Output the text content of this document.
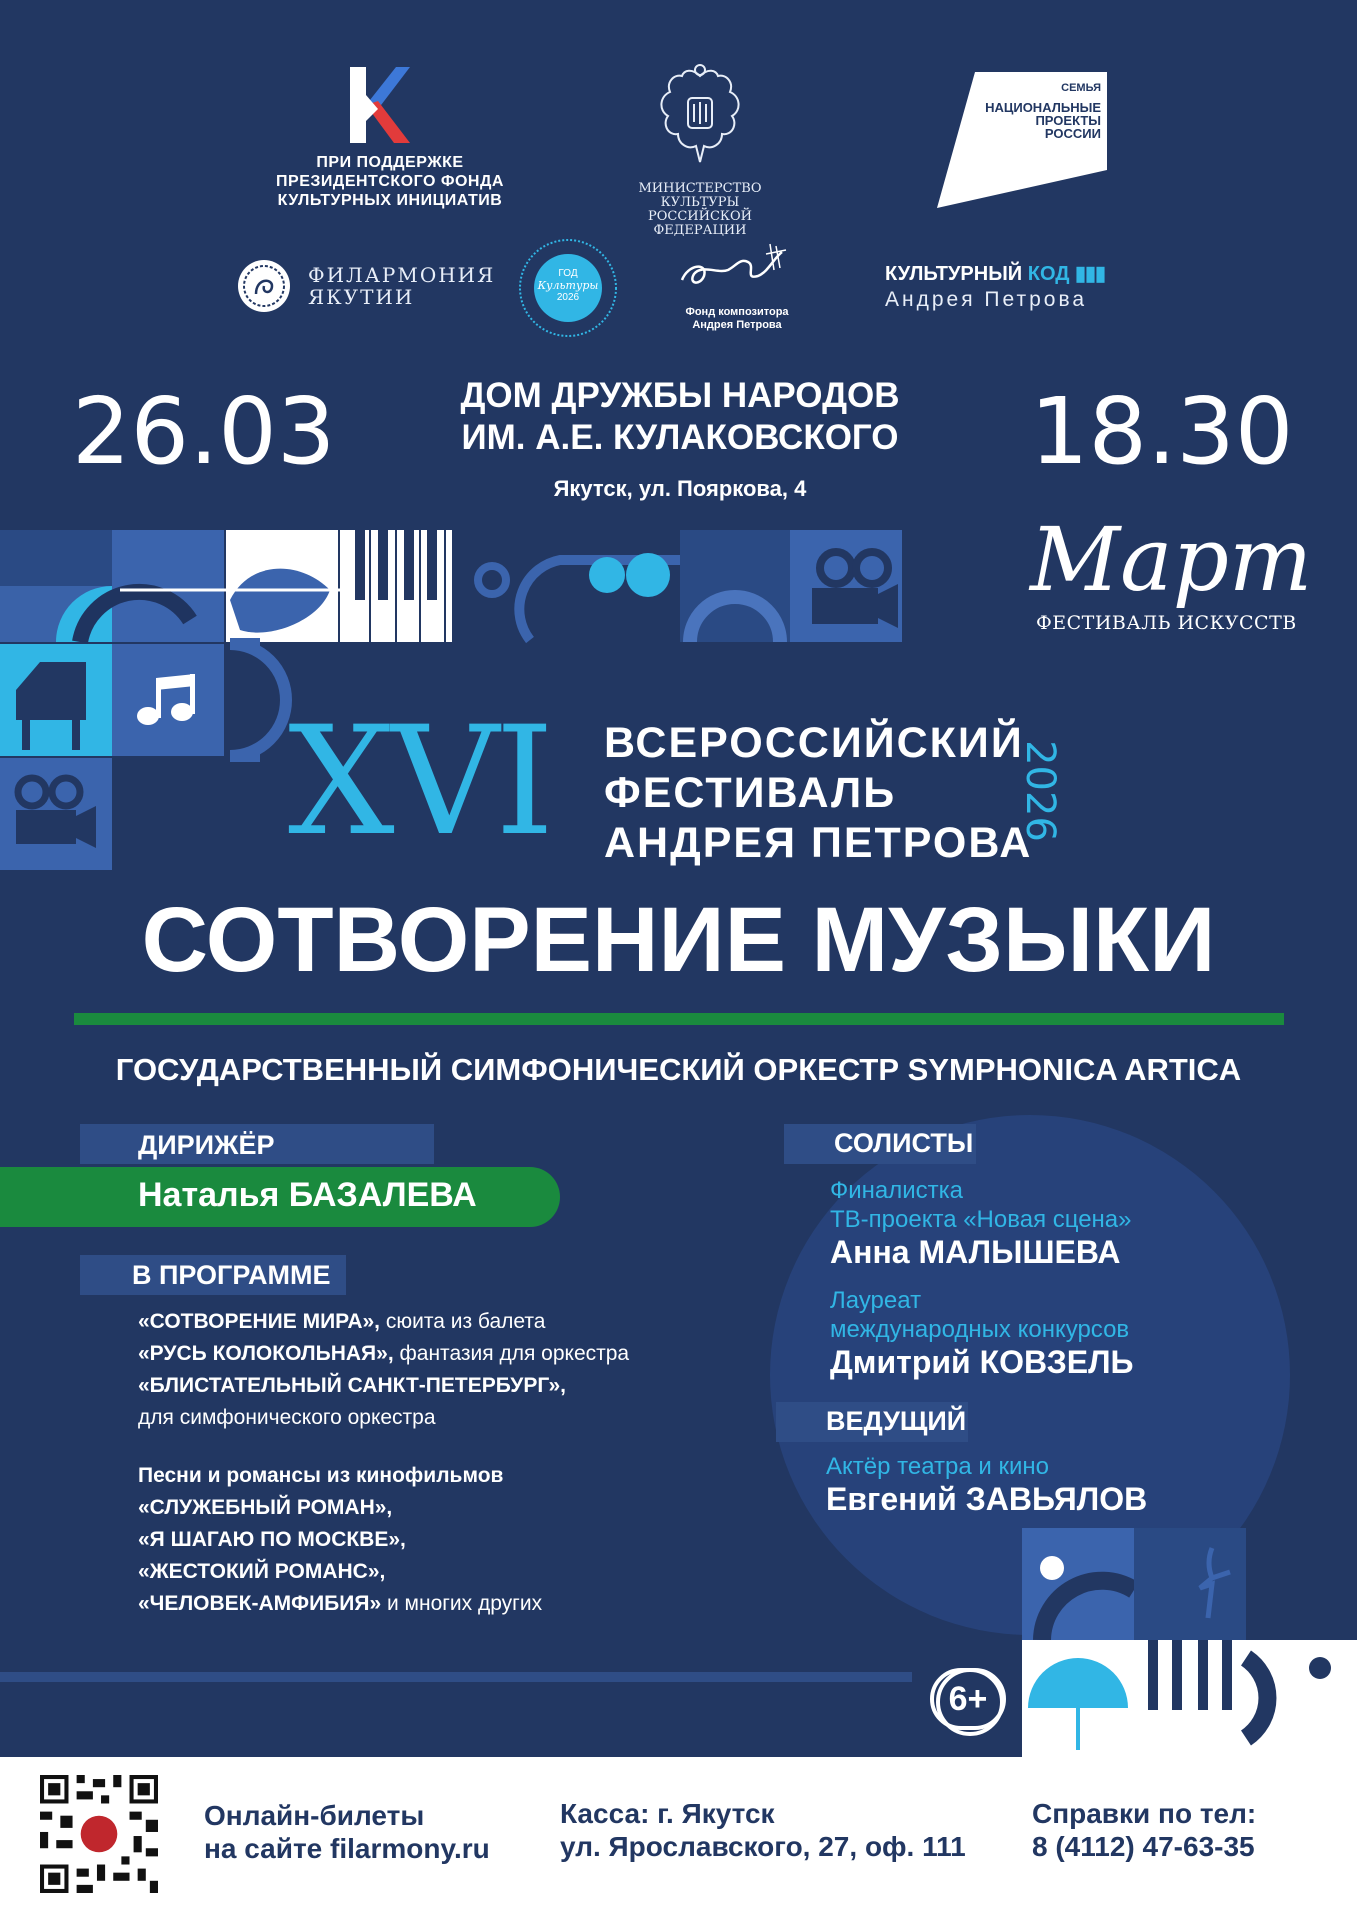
ПРИ ПОДДЕРЖКЕ
ПРЕЗИДЕНТСКОГО ФОНДА
КУЛЬТУРНЫХ ИНИЦИАТИВ
МИНИСТЕРСТВО КУЛЬТУРЫ
РОССИЙСКОЙ ФЕДЕРАЦИИ
СЕМЬЯ
НАЦИОНАЛЬНЫЕ
ПРОЕКТЫ
РОССИИ
ФИЛАРМОНИЯ
ЯКУТИИ
ГОД
Культуры
2026
Фонд композитора
Андрея Петрова
КУЛЬТУРНЫЙ КОД ▮▮▮
Андрея Петрова
26.03	ДОМ ДРУЖБЫ НАРОДОВ
ИМ. А.Е. КУЛАКОВСКОГО
Якутск, ул. Пояркова, 4
18.30
Март
ФЕСТИВАЛЬ ИСКУССТВ
XVI ВСЕРОССИЙСКИЙ
ФЕСТИВАЛЬ
АНДРЕЯ ПЕТРОВА
2026
СОТВОРЕНИЕ МУЗЫКИ
ГОСУДАРСТВЕННЫЙ СИМФОНИЧЕСКИЙ ОРКЕСТР SYMPHONICA ARTICA
ДИРИЖЁР
Наталья БАЗАЛЕВА
В ПРОГРАММЕ
«СОТВОРЕНИЕ МИРА», сюита из балета
«РУСЬ КОЛОКОЛЬНАЯ», фантазия для оркестра
«БЛИСТАТЕЛЬНЫЙ САНКТ-ПЕТЕРБУРГ»,
для симфонического оркестра
Песни и романсы из кинофильмов
«СЛУЖЕБНЫЙ РОМАН»,
«Я ШАГАЮ ПО МОСКВЕ»,
«ЖЕСТОКИЙ РОМАНС»,
«ЧЕЛОВЕК-АМФИБИЯ» и многих других
СОЛИСТЫ
Финалистка
ТВ-проекта «Новая сцена»
Анна МАЛЫШЕВА
Лауреат
международных конкурсов
Дмитрий КОВЗЕЛЬ
ВЕДУЩИЙ
Актёр театра и кино
Евгений ЗАВЬЯЛОВ
6+
Онлайн-билеты
на сайте filarmony.ru
Касса: г. Якутск
ул. Ярославского, 27, оф. 111
Справки по тел:
8 (4112) 47-63-35
